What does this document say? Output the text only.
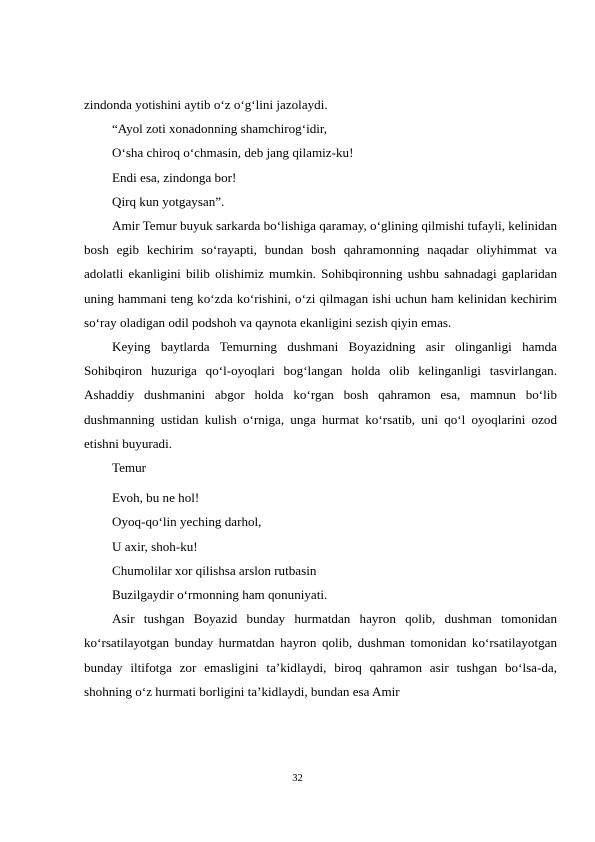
zindonda yotishini aytib o‘z o‘g‘lini jazolaydi.
“Ayol zoti xonadonning shamchirog‘idir,
O‘sha chiroq o‘chmasin, deb jang qilamiz-ku!
Endi esa, zindonga bor!
Qirq kun yotgaysan”.

Amir Temur buyuk sarkarda bo‘lishiga qaramay, o‘glining qilmishi tufayli, kelinidan bosh egib kechirim so‘rayapti, bundan bosh qahramonning naqadar oliyhimmat va adolatli ekanligini bilib olishimiz mumkin. Sohibqironning ushbu sahnadagi gaplaridan uning hammani teng ko‘zda ko‘rishini, o‘zi qilmagan ishi uchun ham kelinidan kechirim so‘ray oladigan odil podshoh va qaynota ekanligini sezish qiyin emas.

Keying baytlarda Temurning dushmani Boyazidning asir olinganligi hamda Sohibqiron huzuriga qo‘l-oyoqlari bog‘langan holda olib kelinganligi tasvirlangan. Ashaddiy dushmanini abgor holda ko‘rgan bosh qahramon esa, mamnun bo‘lib dushmanning ustidan kulish o‘rniga, unga hurmat ko‘rsatib, uni qo‘l oyoqlarini ozod etishni buyuradi.

Temur
Evoh, bu ne hol!
Oyoq-qo‘lin yeching darhol,
U axir, shoh-ku!
Chumolilar xor qilishsa arslon rutbasin
Buzilgaydir o‘rmonning ham qonuniyati.

Asir tushgan Boyazid bunday hurmatdan hayron qolib, dushman tomonidan ko‘rsatilayotgan bunday hurmatdan hayron qolib, dushman tomonidan ko‘rsatilayotgan bunday iltifotga zor emasligini ta’kidlaydi, biroq qahramon asir tushgan bo‘lsa-da, shohning o‘z hurmati borligini ta’kidlaydi, bundan esa Amir

32
